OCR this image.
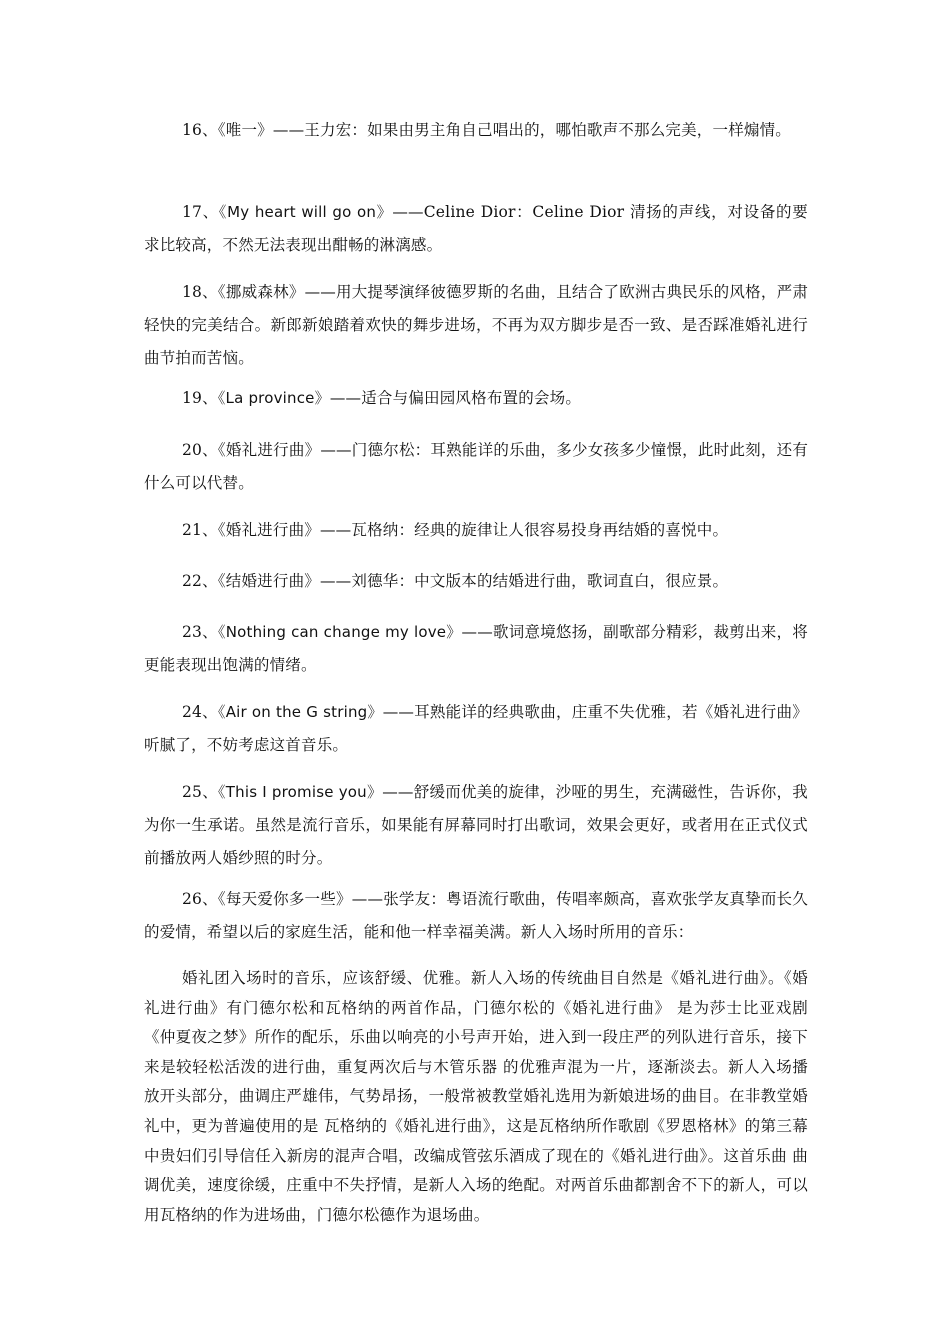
16、《唯一》——王力宏：如果由男主角自己唱出的，哪怕歌声不那么完美，一样煽情。

17、《My heart will go on》——Celine Dior：Celine Dior 清扬的声线，对设备的要求比较高，不然无法表现出酣畅的淋漓感。

18、《挪威森林》——用大提琴演绎彼德罗斯的名曲，且结合了欧洲古典民乐的风格，严肃轻快的完美结合。新郎新娘踏着欢快的舞步进场，不再为双方脚步是否一致、是否踩准婚礼进行曲节拍而苦恼。

19、《La province》——适合与偏田园风格布置的会场。

20、《婚礼进行曲》——门德尔松：耳熟能详的乐曲，多少女孩多少憧憬，此时此刻，还有什么可以代替。

21、《婚礼进行曲》——瓦格纳：经典的旋律让人很容易投身再结婚的喜悦中。

22、《结婚进行曲》——刘德华：中文版本的结婚进行曲，歌词直白，很应景。

23、《Nothing can change my love》——歌词意境悠扬，副歌部分精彩，裁剪出来，将更能表现出饱满的情绪。

24、《Air on the G string》——耳熟能详的经典歌曲，庄重不失优雅，若《婚礼进行曲》听腻了，不妨考虑这首音乐。

25、《This I promise you》——舒缓而优美的旋律，沙哑的男生，充满磁性，告诉你，我为你一生承诺。虽然是流行音乐，如果能有屏幕同时打出歌词，效果会更好，或者用在正式仪式前播放两人婚纱照的时分。

26、《每天爱你多一些》——张学友：粤语流行歌曲，传唱率颇高，喜欢张学友真挚而长久的爱情，希望以后的家庭生活，能和他一样幸福美满。新人入场时所用的音乐：

婚礼团入场时的音乐，应该舒缓、优雅。新人入场的传统曲目自然是《婚礼进行曲》。《婚礼进行曲》有门德尔松和瓦格纳的两首作品，门德尔松的《婚礼进行曲》 是为莎士比亚戏剧《仲夏夜之梦》所作的配乐，乐曲以响亮的小号声开始，进入到一段庄严的列队进行音乐，接下来是较轻松活泼的进行曲，重复两次后与木管乐器 的优雅声混为一片，逐渐淡去。新人入场播放开头部分，曲调庄严雄伟，气势昂扬，一般常被教堂婚礼选用为新娘进场的曲目。在非教堂婚礼中，更为普遍使用的是 瓦格纳的《婚礼进行曲》，这是瓦格纳所作歌剧《罗恩格林》的第三幕中贵妇们引导信任入新房的混声合唱，改编成管弦乐酒成了现在的《婚礼进行曲》。这首乐曲 曲调优美，速度徐缓，庄重中不失抒情，是新人入场的绝配。对两首乐曲都割舍不下的新人，可以用瓦格纳的作为进场曲，门德尔松德作为退场曲。
